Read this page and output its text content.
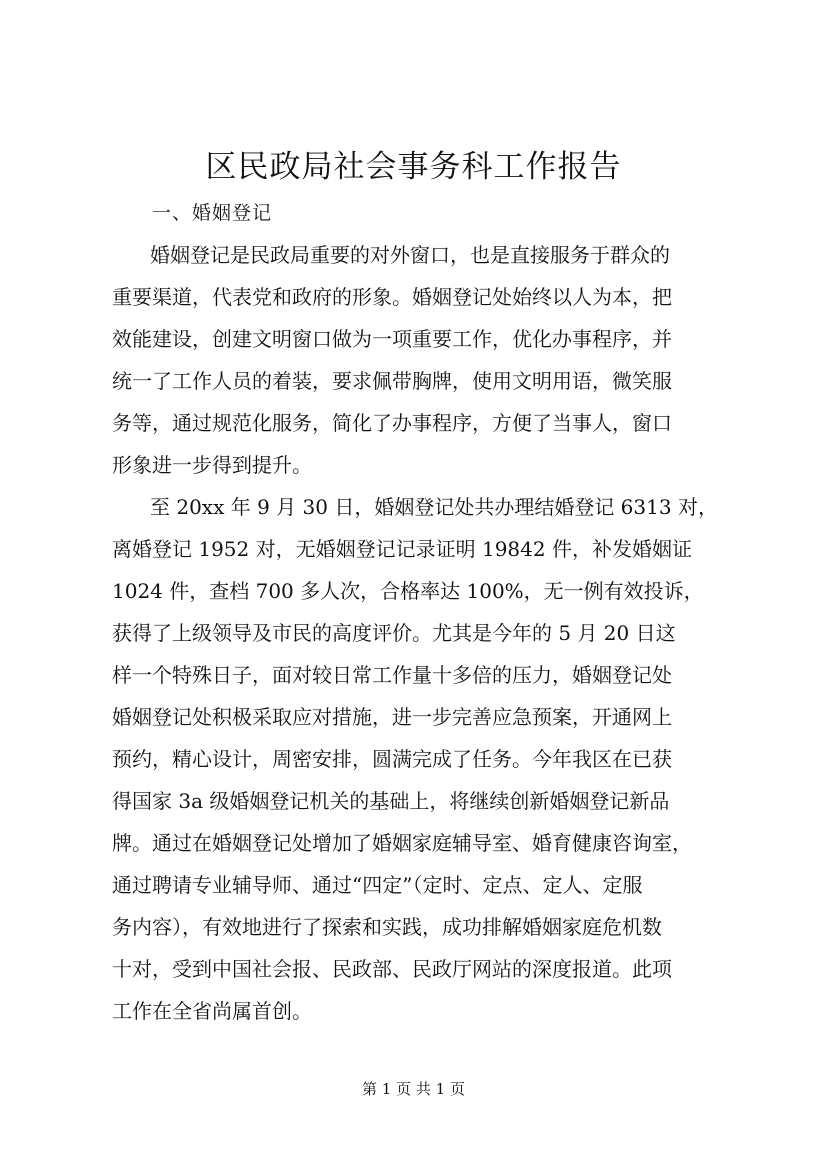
区民政局社会事务科工作报告
一、婚姻登记
婚姻登记是民政局重要的对外窗口，也是直接服务于群众的
重要渠道，代表党和政府的形象。婚姻登记处始终以人为本，把
效能建设，创建文明窗口做为一项重要工作，优化办事程序，并
统一了工作人员的着装，要求佩带胸牌，使用文明用语，微笑服
务等，通过规范化服务，简化了办事程序，方便了当事人，窗口
形象进一步得到提升。
至 20xx 年 9 月 30 日，婚姻登记处共办理结婚登记 6313 对，
离婚登记 1952 对，无婚姻登记记录证明 19842 件，补发婚姻证
1024 件，查档 700 多人次，合格率达 100%，无一例有效投诉，
获得了上级领导及市民的高度评价。尤其是今年的 5 月 20 日这
样一个特殊日子，面对较日常工作量十多倍的压力，婚姻登记处
婚姻登记处积极采取应对措施，进一步完善应急预案，开通网上
预约，精心设计，周密安排，圆满完成了任务。今年我区在已获
得国家 3a 级婚姻登记机关的基础上，将继续创新婚姻登记新品
牌。通过在婚姻登记处增加了婚姻家庭辅导室、婚育健康咨询室，
通过聘请专业辅导师、通过“四定”（定时、定点、定人、定服
务内容），有效地进行了探索和实践，成功排解婚姻家庭危机数
十对，受到中国社会报、民政部、民政厅网站的深度报道。此项
工作在全省尚属首创。
第 1 页 共 1 页
